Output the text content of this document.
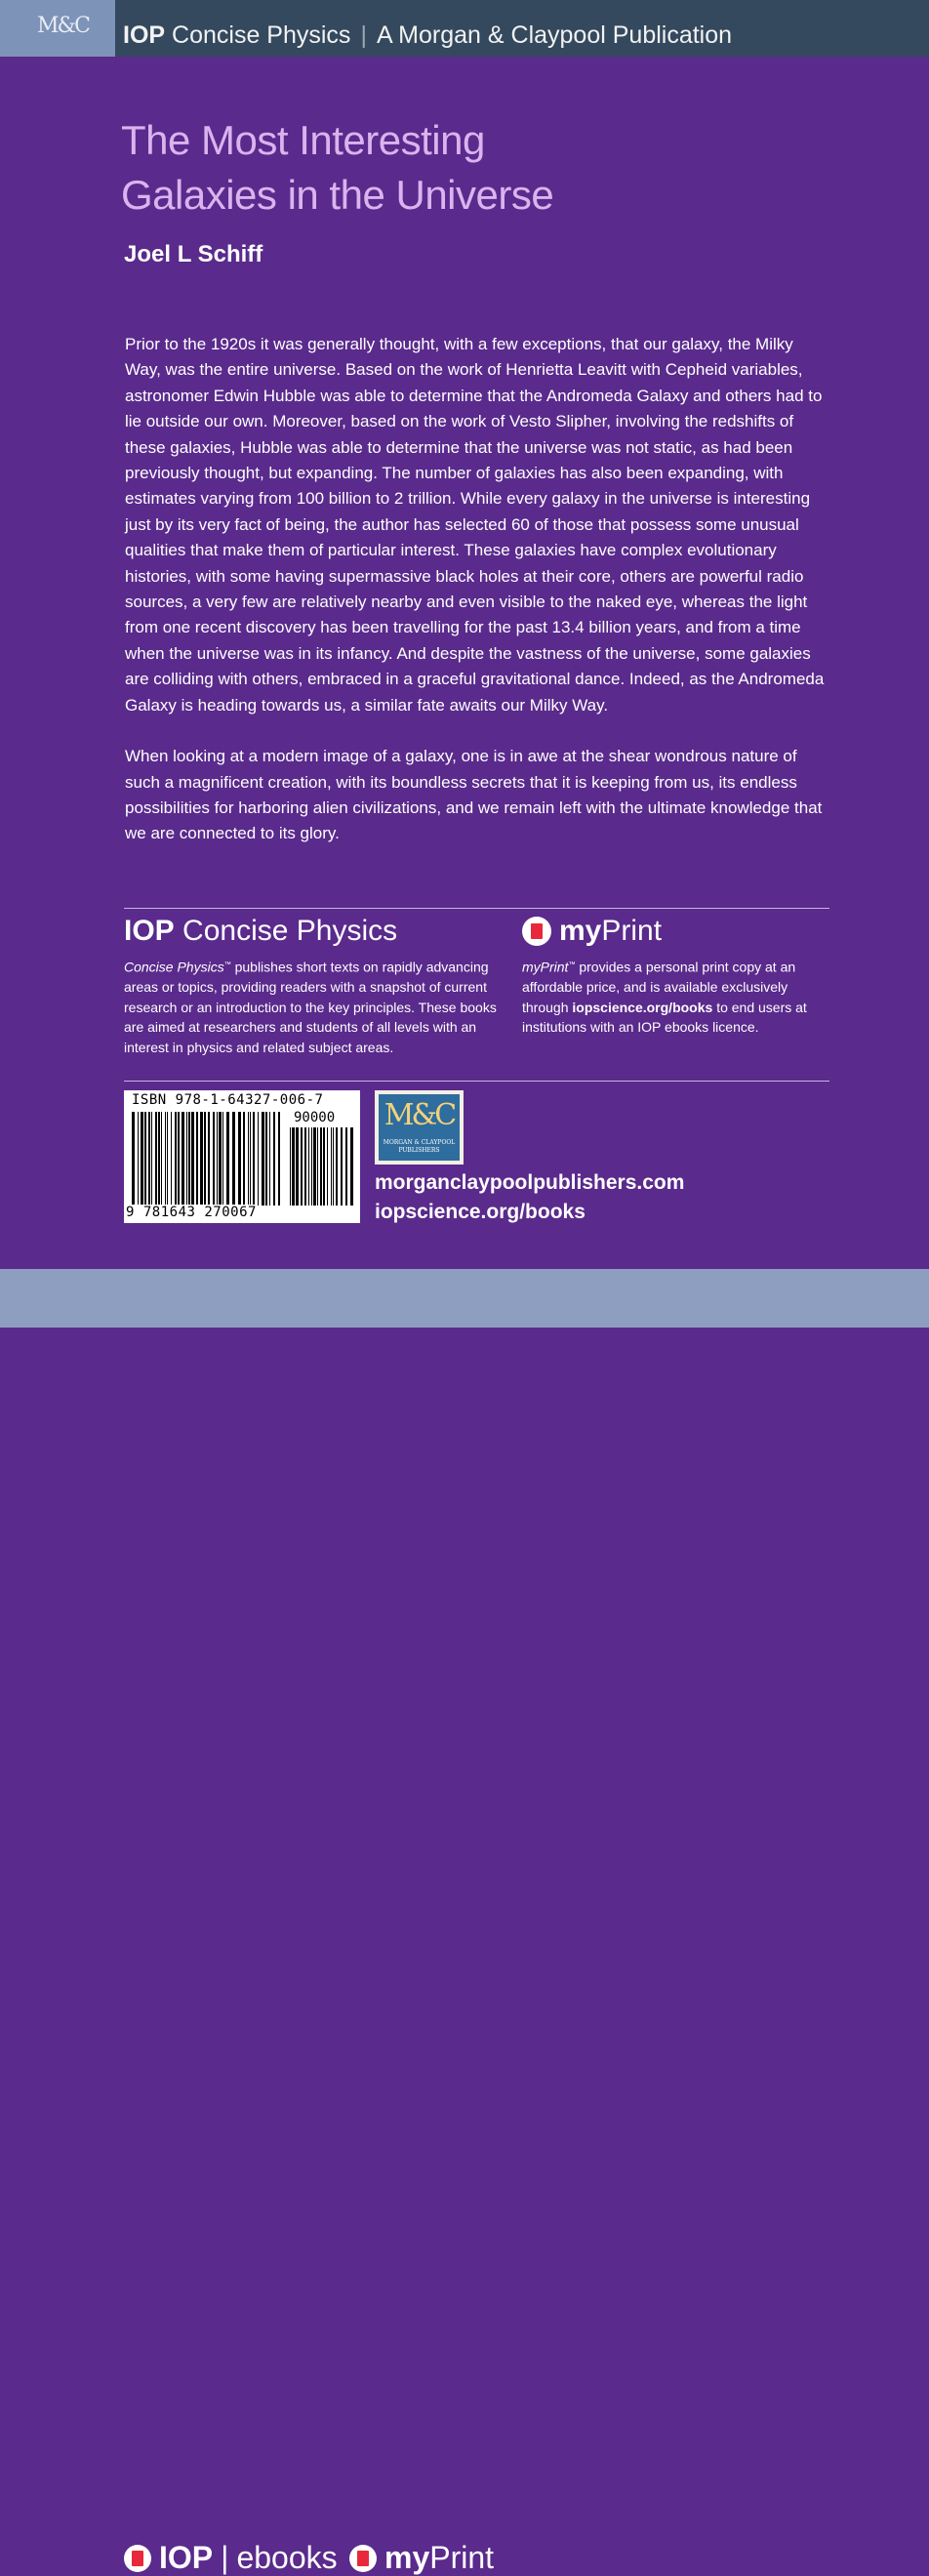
M&C IOP Concise Physics | A Morgan & Claypool Publication
The Most Interesting
Galaxies in the Universe
Joel L Schiff

Prior to the 1920s it was generally thought, with a few exceptions, that our galaxy, the Milky Way, was the entire universe. Based on the work of Henrietta Leavitt with Cepheid variables, astronomer Edwin Hubble was able to determine that the Andromeda Galaxy and others had to lie outside our own. Moreover, based on the work of Vesto Slipher, involving the redshifts of these galaxies, Hubble was able to determine that the universe was not static, as had been previously thought, but expanding. The number of galaxies has also been expanding, with estimates varying from 100 billion to 2 trillion. While every galaxy in the universe is interesting just by its very fact of being, the author has selected 60 of those that possess some unusual qualities that make them of particular interest. These galaxies have complex evolutionary histories, with some having supermassive black holes at their core, others are powerful radio sources, a very few are relatively nearby and even visible to the naked eye, whereas the light from one recent discovery has been travelling for the past 13.4 billion years, and from a time when the universe was in its infancy. And despite the vastness of the universe, some galaxies are colliding with others, embraced in a graceful gravitational dance. Indeed, as the Andromeda Galaxy is heading towards us, a similar fate awaits our Milky Way.

When looking at a modern image of a galaxy, one is in awe at the shear wondrous nature of such a magnificent creation, with its boundless secrets that it is keeping from us, its endless possibilities for harboring alien civilizations, and we remain left with the ultimate knowledge that we are connected to its glory.

IOP Concise Physics
Concise Physics™ publishes short texts on rapidly advancing areas or topics, providing readers with a snapshot of current research or an introduction to the key principles. These books are aimed at researchers and students of all levels with an interest in physics and related subject areas.
my Print
myPrint™ provides a personal print copy at an affordable price, and is available exclusively through iopscience.org/books to end users at institutions with an IOP ebooks licence.
ISBN 978-1-64327-006-7
90000
9 781643 270067
M&C
MORGAN & CLAYPOOL
PUBLISHERS
morganclaypoolpublishers.com
iopscience.org/books
IOP | ebooks my Print
